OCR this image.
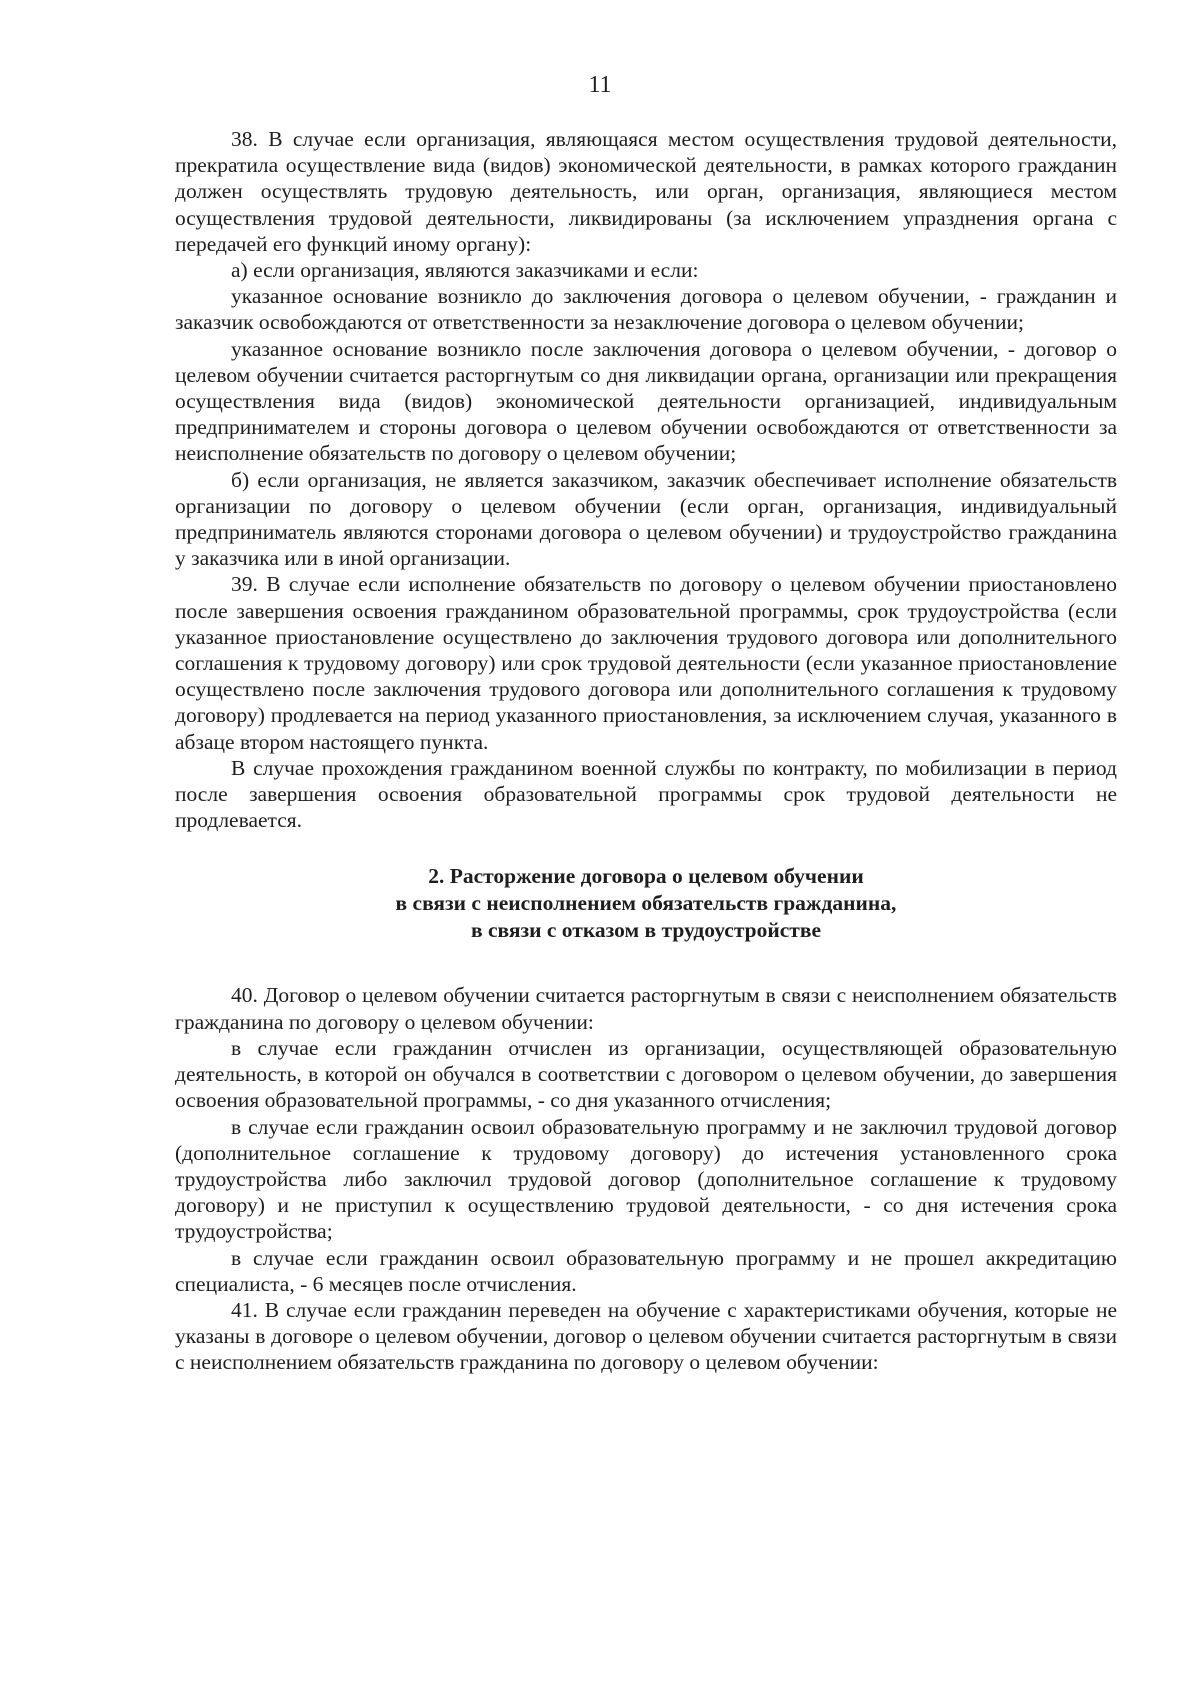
11

38. В случае если организация, являющаяся местом осуществления трудовой деятельности, прекратила осуществление вида (видов) экономической деятельности, в рамках которого гражданин должен осуществлять трудовую деятельность, или орган, организация, являющиеся местом осуществления трудовой деятельности, ликвидированы (за исключением упразднения органа с передачей его функций иному органу):

а) если организация, являются заказчиками и если:

указанное основание возникло до заключения договора о целевом обучении, - гражданин и заказчик освобождаются от ответственности за незаключение договора о целевом обучении;

указанное основание возникло после заключения договора о целевом обучении, - договор о целевом обучении считается расторгнутым со дня ликвидации органа, организации или прекращения осуществления вида (видов) экономической деятельности организацией, индивидуальным предпринимателем и стороны договора о целевом обучении освобождаются от ответственности за неисполнение обязательств по договору о целевом обучении;

б) если организация, не является заказчиком, заказчик обеспечивает исполнение обязательств организации по договору о целевом обучении (если орган, организация, индивидуальный предприниматель являются сторонами договора о целевом обучении) и трудоустройство гражданина у заказчика или в иной организации.

39. В случае если исполнение обязательств по договору о целевом обучении приостановлено после завершения освоения гражданином образовательной программы, срок трудоустройства (если указанное приостановление осуществлено до заключения трудового договора или дополнительного соглашения к трудовому договору) или срок трудовой деятельности (если указанное приостановление осуществлено после заключения трудового договора или дополнительного соглашения к трудовому договору) продлевается на период указанного приостановления, за исключением случая, указанного в абзаце втором настоящего пункта.

В случае прохождения гражданином военной службы по контракту, по мобилизации в период после завершения освоения образовательной программы срок трудовой деятельности не продлевается.

2. Расторжение договора о целевом обучении
в связи с неисполнением обязательств гражданина,
в связи с отказом в трудоустройстве

40. Договор о целевом обучении считается расторгнутым в связи с неисполнением обязательств гражданина по договору о целевом обучении:

в случае если гражданин отчислен из организации, осуществляющей образовательную деятельность, в которой он обучался в соответствии с договором о целевом обучении, до завершения освоения образовательной программы, - со дня указанного отчисления;

в случае если гражданин освоил образовательную программу и не заключил трудовой договор (дополнительное соглашение к трудовому договору) до истечения установленного срока трудоустройства либо заключил трудовой договор (дополнительное соглашение к трудовому договору) и не приступил к осуществлению трудовой деятельности, - со дня истечения срока трудоустройства;

в случае если гражданин освоил образовательную программу и не прошел аккредитацию специалиста, - 6 месяцев после отчисления.

41. В случае если гражданин переведен на обучение с характеристиками обучения, которые не указаны в договоре о целевом обучении, договор о целевом обучении считается расторгнутым в связи с неисполнением обязательств гражданина по договору о целевом обучении:
